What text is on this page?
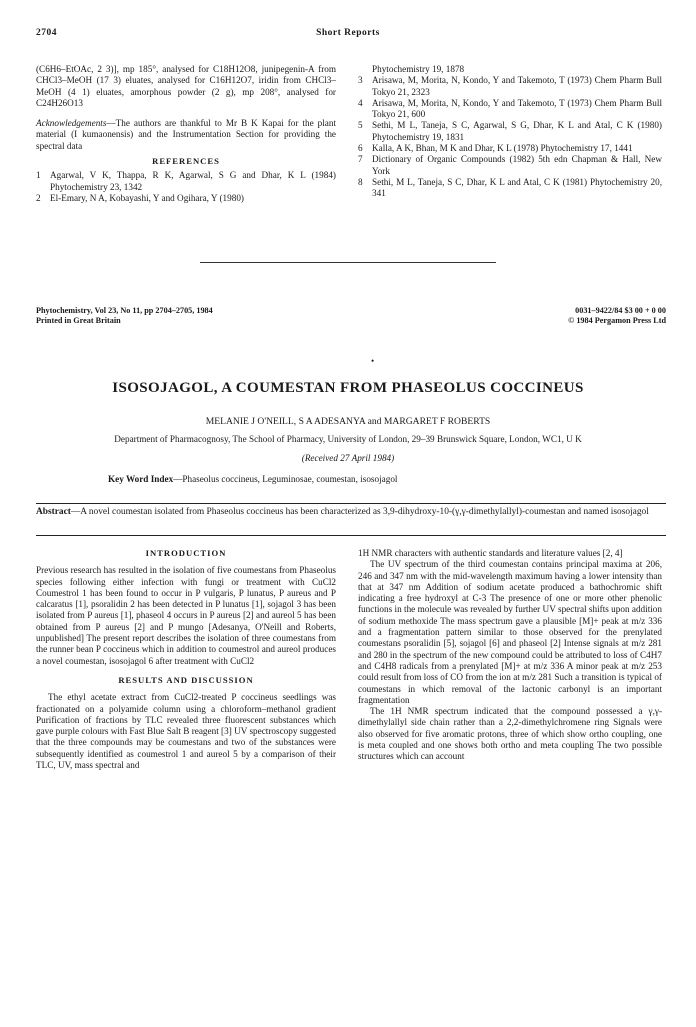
2704	Short Reports

(C6H6–EtOAc, 2 3)], mp 185°, analysed for C18H12O8, junipegenin-A from CHCl3–MeOH (17 3) eluates, analysed for C16H12O7, iridin from CHCl3–MeOH (4 1) eluates, amorphous powder (2 g), mp 208°, analysed for C24H26O13

Acknowledgements—The authors are thankful to Mr B K Kapai for the plant material (I kumaonensis) and the Instrumentation Section for providing the spectral data

REFERENCES

1 Agarwal, V K, Thappa, R K, Agarwal, S G and Dhar, K L (1984) Phytochemistry 23, 1342

2 El-Emary, N A, Kobayashi, Y and Ogihara, Y (1980)

Phytochemistry 19, 1878

3 Arisawa, M, Morita, N, Kondo, Y and Takemoto, T (1973) Chem Pharm Bull Tokyo 21, 2323

4 Arisawa, M, Morita, N, Kondo, Y and Takemoto, T (1973) Chem Pharm Bull Tokyo 21, 600

5 Sethi, M L, Taneja, S C, Agarwal, S G, Dhar, K L and Atal, C K (1980) Phytochemistry 19, 1831

6 Kalla, A K, Bhan, M K and Dhar, K L (1978) Phytochemistry 17, 1441

7 Dictionary of Organic Compounds (1982) 5th edn Chapman & Hall, New York

8 Sethi, M L, Taneja, S C, Dhar, K L and Atal, C K (1981) Phytochemistry 20, 341

Phytochemistry, Vol 23, No 11, pp 2704–2705, 1984
Printed in Great Britain
0031–9422/84 $3 00 + 0 00
© 1984 Pergamon Press Ltd
•
ISOSOJAGOL, A COUMESTAN FROM PHASEOLUS COCCINEUS
MELANIE J O'NEILL, S A ADESANYA and MARGARET F ROBERTS
Department of Pharmacognosy, The School of Pharmacy, University of London, 29–39 Brunswick Square, London, WC1, U K
(Received 27 April 1984)
Key Word Index—Phaseolus coccineus, Leguminosae, coumestan, isosojagol
Abstract—A novel coumestan isolated from Phaseolus coccineus has been characterized as 3,9-dihydroxy-10-(γ,γ-dimethylallyl)-coumestan and named isosojagol
INTRODUCTION

Previous research has resulted in the isolation of five coumestans from Phaseolus species following either infection with fungi or treatment with CuCl2 Coumestrol 1 has been found to occur in P vulgaris, P lunatus, P aureus and P calcaratus [1], psoralidin 2 has been detected in P lunatus [1], sojagol 3 has been isolated from P aureus [1], phaseol 4 occurs in P aureus [2] and aureol 5 has been obtained from P aureus [2] and P mungo [Adesanya, O'Neill and Roberts, unpublished] The present report describes the isolation of three coumestans from the runner bean P coccineus which in addition to coumestrol and aureol produces a novel coumestan, isosojagol 6 after treatment with CuCl2

RESULTS AND DISCUSSION

The ethyl acetate extract from CuCl2-treated P coccineus seedlings was fractionated on a polyamide column using a chloroform–methanol gradient Purification of fractions by TLC revealed three fluorescent substances which gave purple colours with Fast Blue Salt B reagent [3] UV spectroscopy suggested that the three compounds may be coumestans and two of the substances were subsequently identified as coumestrol 1 and aureol 5 by a comparison of their TLC, UV, mass spectral and

1H NMR characters with authentic standards and literature values [2, 4]

The UV spectrum of the third coumestan contains principal maxima at 206, 246 and 347 nm with the mid-wavelength maximum having a lower intensity than that at 347 nm Addition of sodium acetate produced a bathochromic shift indicating a free hydroxyl at C-3 The presence of one or more other phenolic functions in the molecule was revealed by further UV spectral shifts upon addition of sodium methoxide The mass spectrum gave a plausible [M]+ peak at m/z 336 and a fragmentation pattern similar to those observed for the prenylated coumestans psoralidin [5], sojagol [6] and phaseol [2] Intense signals at m/z 281 and 280 in the spectrum of the new compound could be attributed to loss of C4H7 and C4H8 radicals from a prenylated [M]+ at m/z 336 A minor peak at m/z 253 could result from loss of CO from the ion at m/z 281 Such a transition is typical of coumestans in which removal of the lactonic carbonyl is an important fragmentation

The 1H NMR spectrum indicated that the compound possessed a γ,γ-dimethylallyl side chain rather than a 2,2-dimethylchromene ring Signals were also observed for five aromatic protons, three of which show ortho coupling, one is meta coupled and one shows both ortho and meta coupling The two possible structures which can account
